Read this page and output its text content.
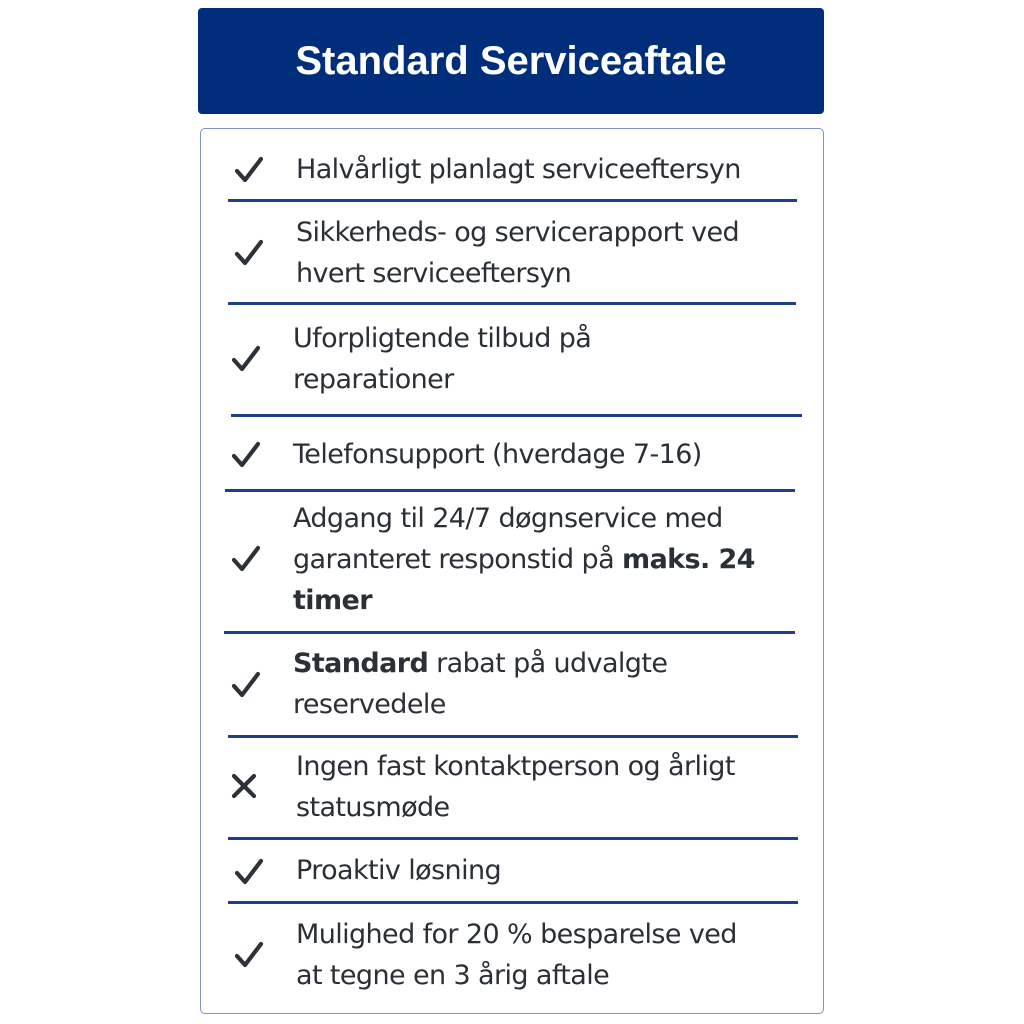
Standard Serviceaftale
Halvårligt planlagt serviceeftersyn
Sikkerheds- og servicerapport ved
hvert serviceeftersyn
Uforpligtende tilbud på
reparationer
Telefonsupport (hverdage 7-16)
Adgang til 24/7 døgnservice med
garanteret responstid på maks. 24
timer
Standard rabat på udvalgte
reservedele
Ingen fast kontaktperson og årligt
statusmøde
Proaktiv løsning
Mulighed for 20 % besparelse ved
at tegne en 3 årig aftale
